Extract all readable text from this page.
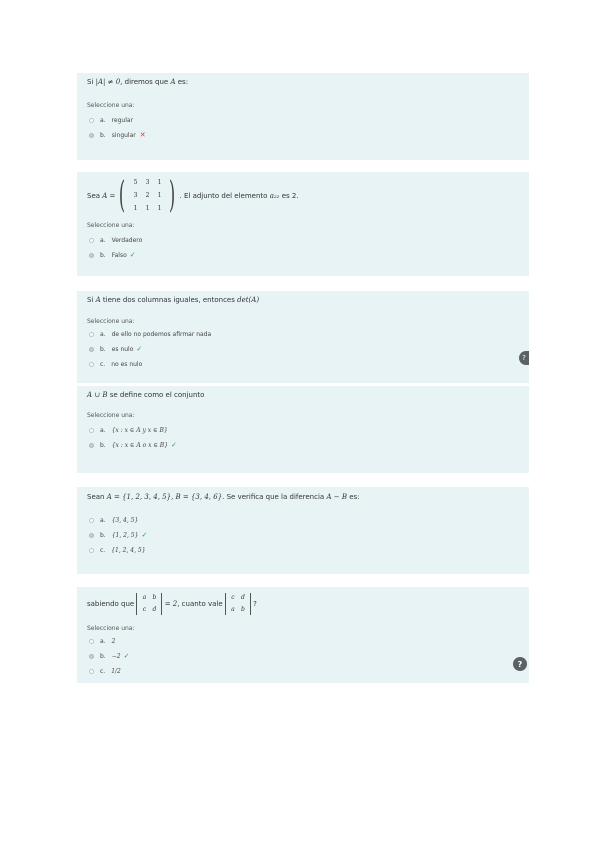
Si |A| ≠ 0, diremos que A es:
Seleccione una:
a. regular
b. singular ✕
Sea
A = (	5	3	1
3	2	1
1	1	1 ) . El adjunto del elemento
a₂₂
es 2.
Seleccione una:
a. Verdadero
b. Falso ✓
Si A tiene dos columnas iguales, entonces det(A)
Seleccione una:
a. de ello no podemos afirmar nada
b. es nulo ✓
c. no es nulo
?
A ∪ B se define como el conjunto
Seleccione una:
a. {x : x ∈ A y x ∈ B}
b. {x : x ∈ A o x ∈ B} ✓
Sean A = {1, 2, 3, 4, 5}, B = {3, 4, 6}. Se verifica que la diferencia A − B es:
a. {3, 4, 5}
b. {1, 2, 5} ✓
c. {1, 2, 4, 5}
sabiendo que

a	b
c	d

= 2 , cuanto vale

c	d
a	b

?
Seleccione una:
a. 2
b. −2 ✓
c. 1/2
?
